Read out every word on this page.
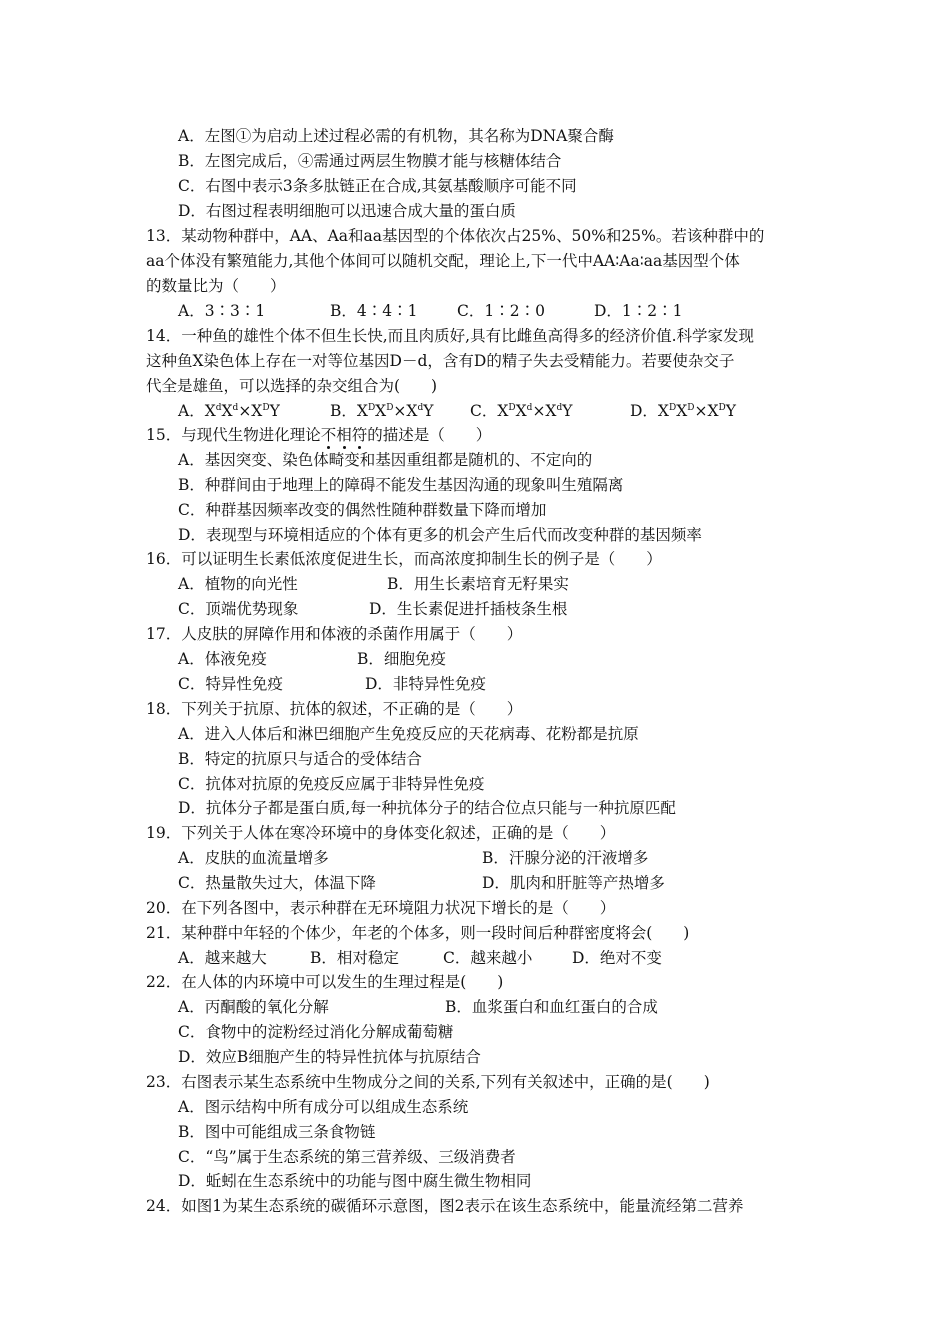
A．左图①为启动上述过程必需的有机物，其名称为DNA聚合酶
B．左图完成后，④需通过两层生物膜才能与核糖体结合
C．右图中表示3条多肽链正在合成,其氨基酸顺序可能不同
D．右图过程表明细胞可以迅速合成大量的蛋白质
13．某动物种群中，AA、Aa和aa基因型的个体依次占25%、50%和25%。若该种群中的
aa个体没有繁殖能力,其他个体间可以随机交配，理论上,下一代中AA∶Aa∶aa基因型个体
的数量比为（　　）
A．3∶3∶1	B．4∶4∶1	C．1∶2∶0	D．1∶2∶1
14．一种鱼的雄性个体不但生长快,而且肉质好,具有比雌鱼高得多的经济价值.科学家发现
这种鱼X染色体上存在一对等位基因D－d，含有D的精子失去受精能力。若要使杂交子
代全是雄鱼，可以选择的杂交组合为(　　)
A．$X^dX^d\times X^DY$	B．$X^DX^D\times X^dY$ C．$X^DX^d\times X^dY$	D．$X^DX^D\times X^DY$
15．与现代生物进化理论不相符的描述是（　　）
A．基因突变、染色体畸变和基因重组都是随机的、不定向的
B．种群间由于地理上的障碍不能发生基因沟通的现象叫生殖隔离
C．种群基因频率改变的偶然性随种群数量下降而增加
D．表现型与环境相适应的个体有更多的机会产生后代而改变种群的基因频率
16．可以证明生长素低浓度促进生长，而高浓度抑制生长的例子是（　　）
A．植物的向光性	B．用生长素培育无籽果实
C．顶端优势现象	D．生长素促进扦插枝条生根
17．人皮肤的屏障作用和体液的杀菌作用属于（　　）
A．体液免疫	B．细胞免疫
C．特异性免疫	D．非特异性免疫
18．下列关于抗原、抗体的叙述，不正确的是（　　）
A．进入人体后和淋巴细胞产生免疫反应的天花病毒、花粉都是抗原
B．特定的抗原只与适合的受体结合
C．抗体对抗原的免疫反应属于非特异性免疫
D．抗体分子都是蛋白质,每一种抗体分子的结合位点只能与一种抗原匹配
19．下列关于人体在寒冷环境中的身体变化叙述，正确的是（　　）
A．皮肤的血流量增多	B．汗腺分泌的汗液增多
C．热量散失过大，体温下降	D．肌肉和肝脏等产热增多
20．在下列各图中，表示种群在无环境阻力状况下增长的是（　　）
21．某种群中年轻的个体少，年老的个体多，则一段时间后种群密度将会(　　)
A．越来越大	B．相对稳定	C．越来越小	D．绝对不变
22．在人体的内环境中可以发生的生理过程是(　　)
A．丙酮酸的氧化分解	B．血浆蛋白和血红蛋白的合成
C．食物中的淀粉经过消化分解成葡萄糖
D．效应B细胞产生的特异性抗体与抗原结合
23．右图表示某生态系统中生物成分之间的关系,下列有关叙述中，正确的是(　　)
A．图示结构中所有成分可以组成生态系统
B．图中可能组成三条食物链
C．“鸟”属于生态系统的第三营养级、三级消费者
D．蚯蚓在生态系统中的功能与图中腐生微生物相同
24．如图1为某生态系统的碳循环示意图，图2表示在该生态系统中，能量流经第二营养
